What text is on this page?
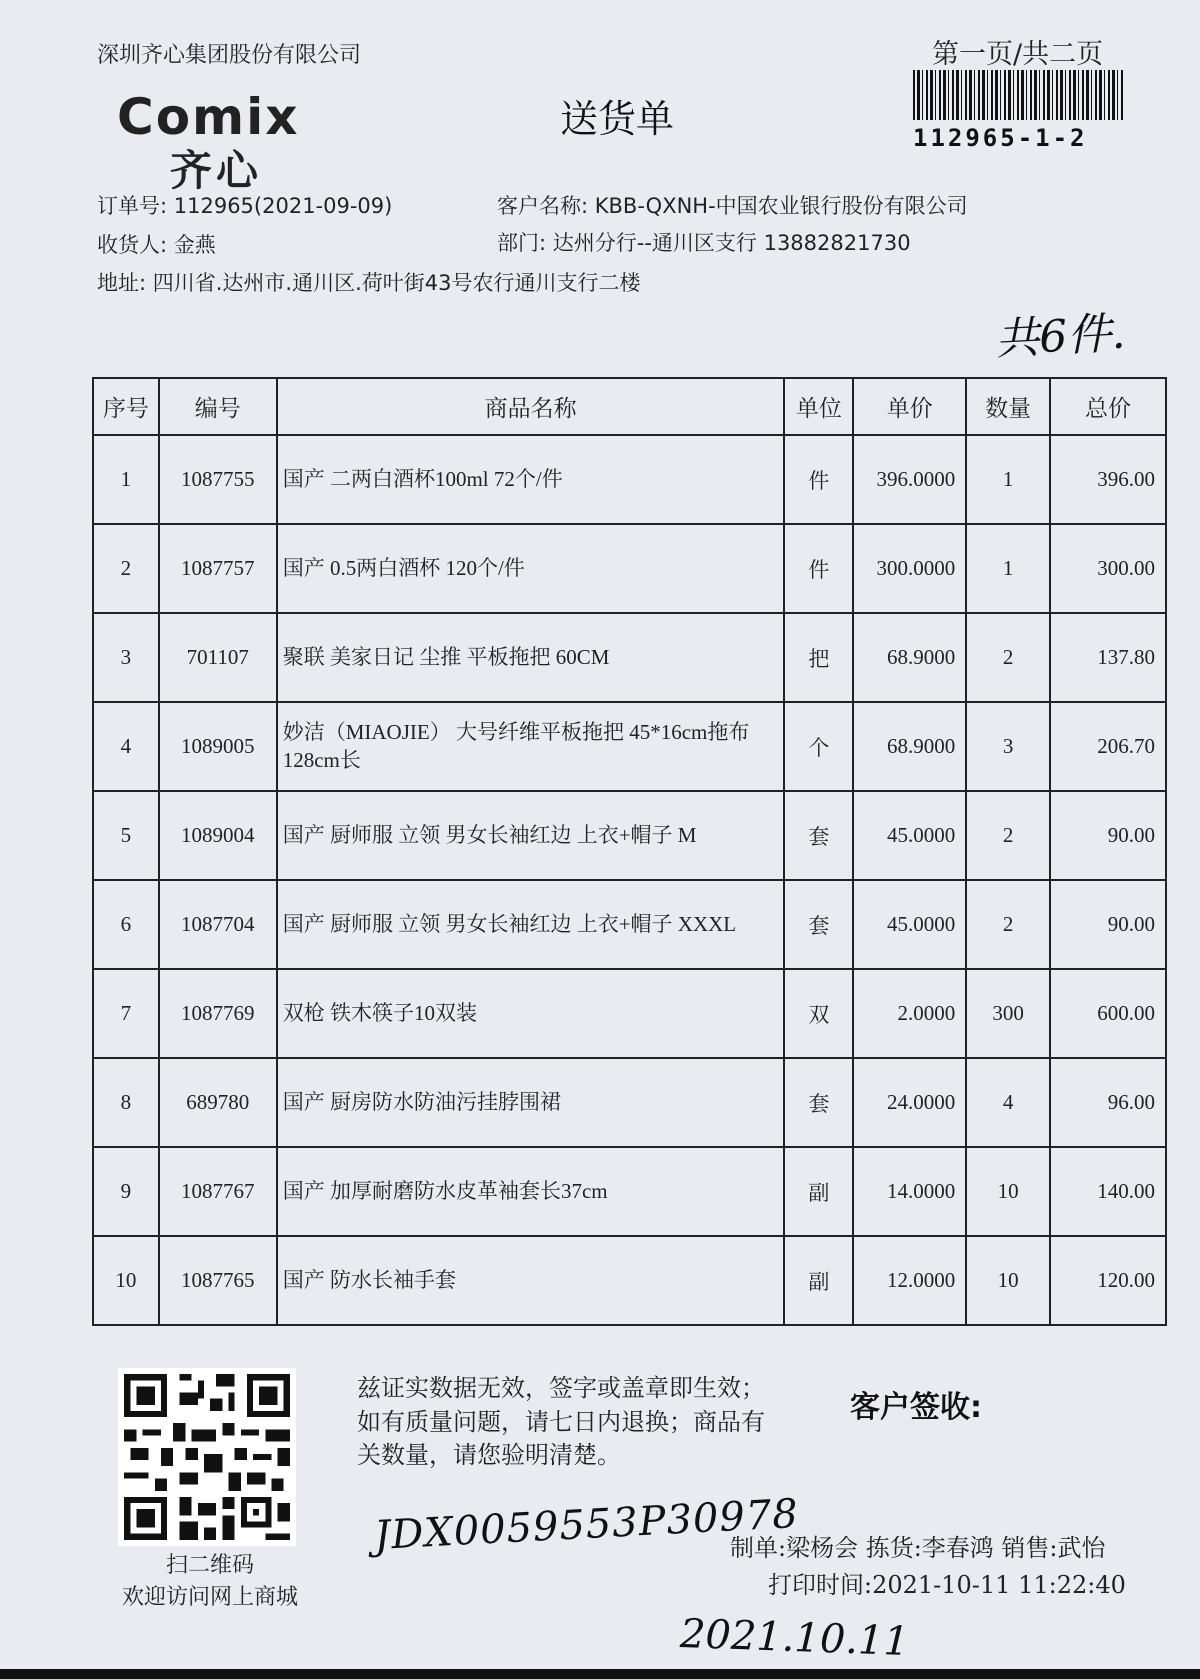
深圳齐心集团股份有限公司	第一页/共二页
Comix
齐心
送货单	112965-1-2
订单号: 112965(2021-09-09)	客户名称: KBB-QXNH-中国农业银行股份有限公司
收货人: 金燕	部门: 达州分行--通川区支行 13882821730
地址: 四川省.达州市.通川区.荷叶街43号农行通川支行二楼
共6件.
序号	编号	商品名称	单位	单价	数量	总价
1	1087755	国产 二两白酒杯100ml 72个/件	件	396.0000	1	396.00
2	1087757	国产 0.5两白酒杯 120个/件	件	300.0000	1	300.00
3	701107	聚联 美家日记 尘推 平板拖把 60CM	把	68.9000	2	137.80
4	1089005	妙洁（MIAOJIE） 大号纤维平板拖把 45*16cm拖布128cm长	个	68.9000	3	206.70
5	1089004	国产 厨师服 立领 男女长袖红边 上衣+帽子 M	套	45.0000	2	90.00
6	1087704	国产 厨师服 立领 男女长袖红边 上衣+帽子 XXXL	套	45.0000	2	90.00
7	1087769	双枪 铁木筷子10双装	双	2.0000	300	600.00
8	689780	国产 厨房防水防油污挂脖围裙	套	24.0000	4	96.00
9	1087767	国产 加厚耐磨防水皮革袖套长37cm	副	14.0000	10	140.00
10	1087765	国产 防水长袖手套	副	12.0000	10	120.00
扫二维码
欢迎访问网上商城
兹证实数据无效，签字或盖章即生效；如有质量问题，请七日内退换；商品有关数量，请您验明清楚。
客户签收:
JDX0059553P30978
制单:梁杨会 拣货:李春鸿 销售:武怡
打印时间:2021-10-11 11:22:40
2021.10.11
